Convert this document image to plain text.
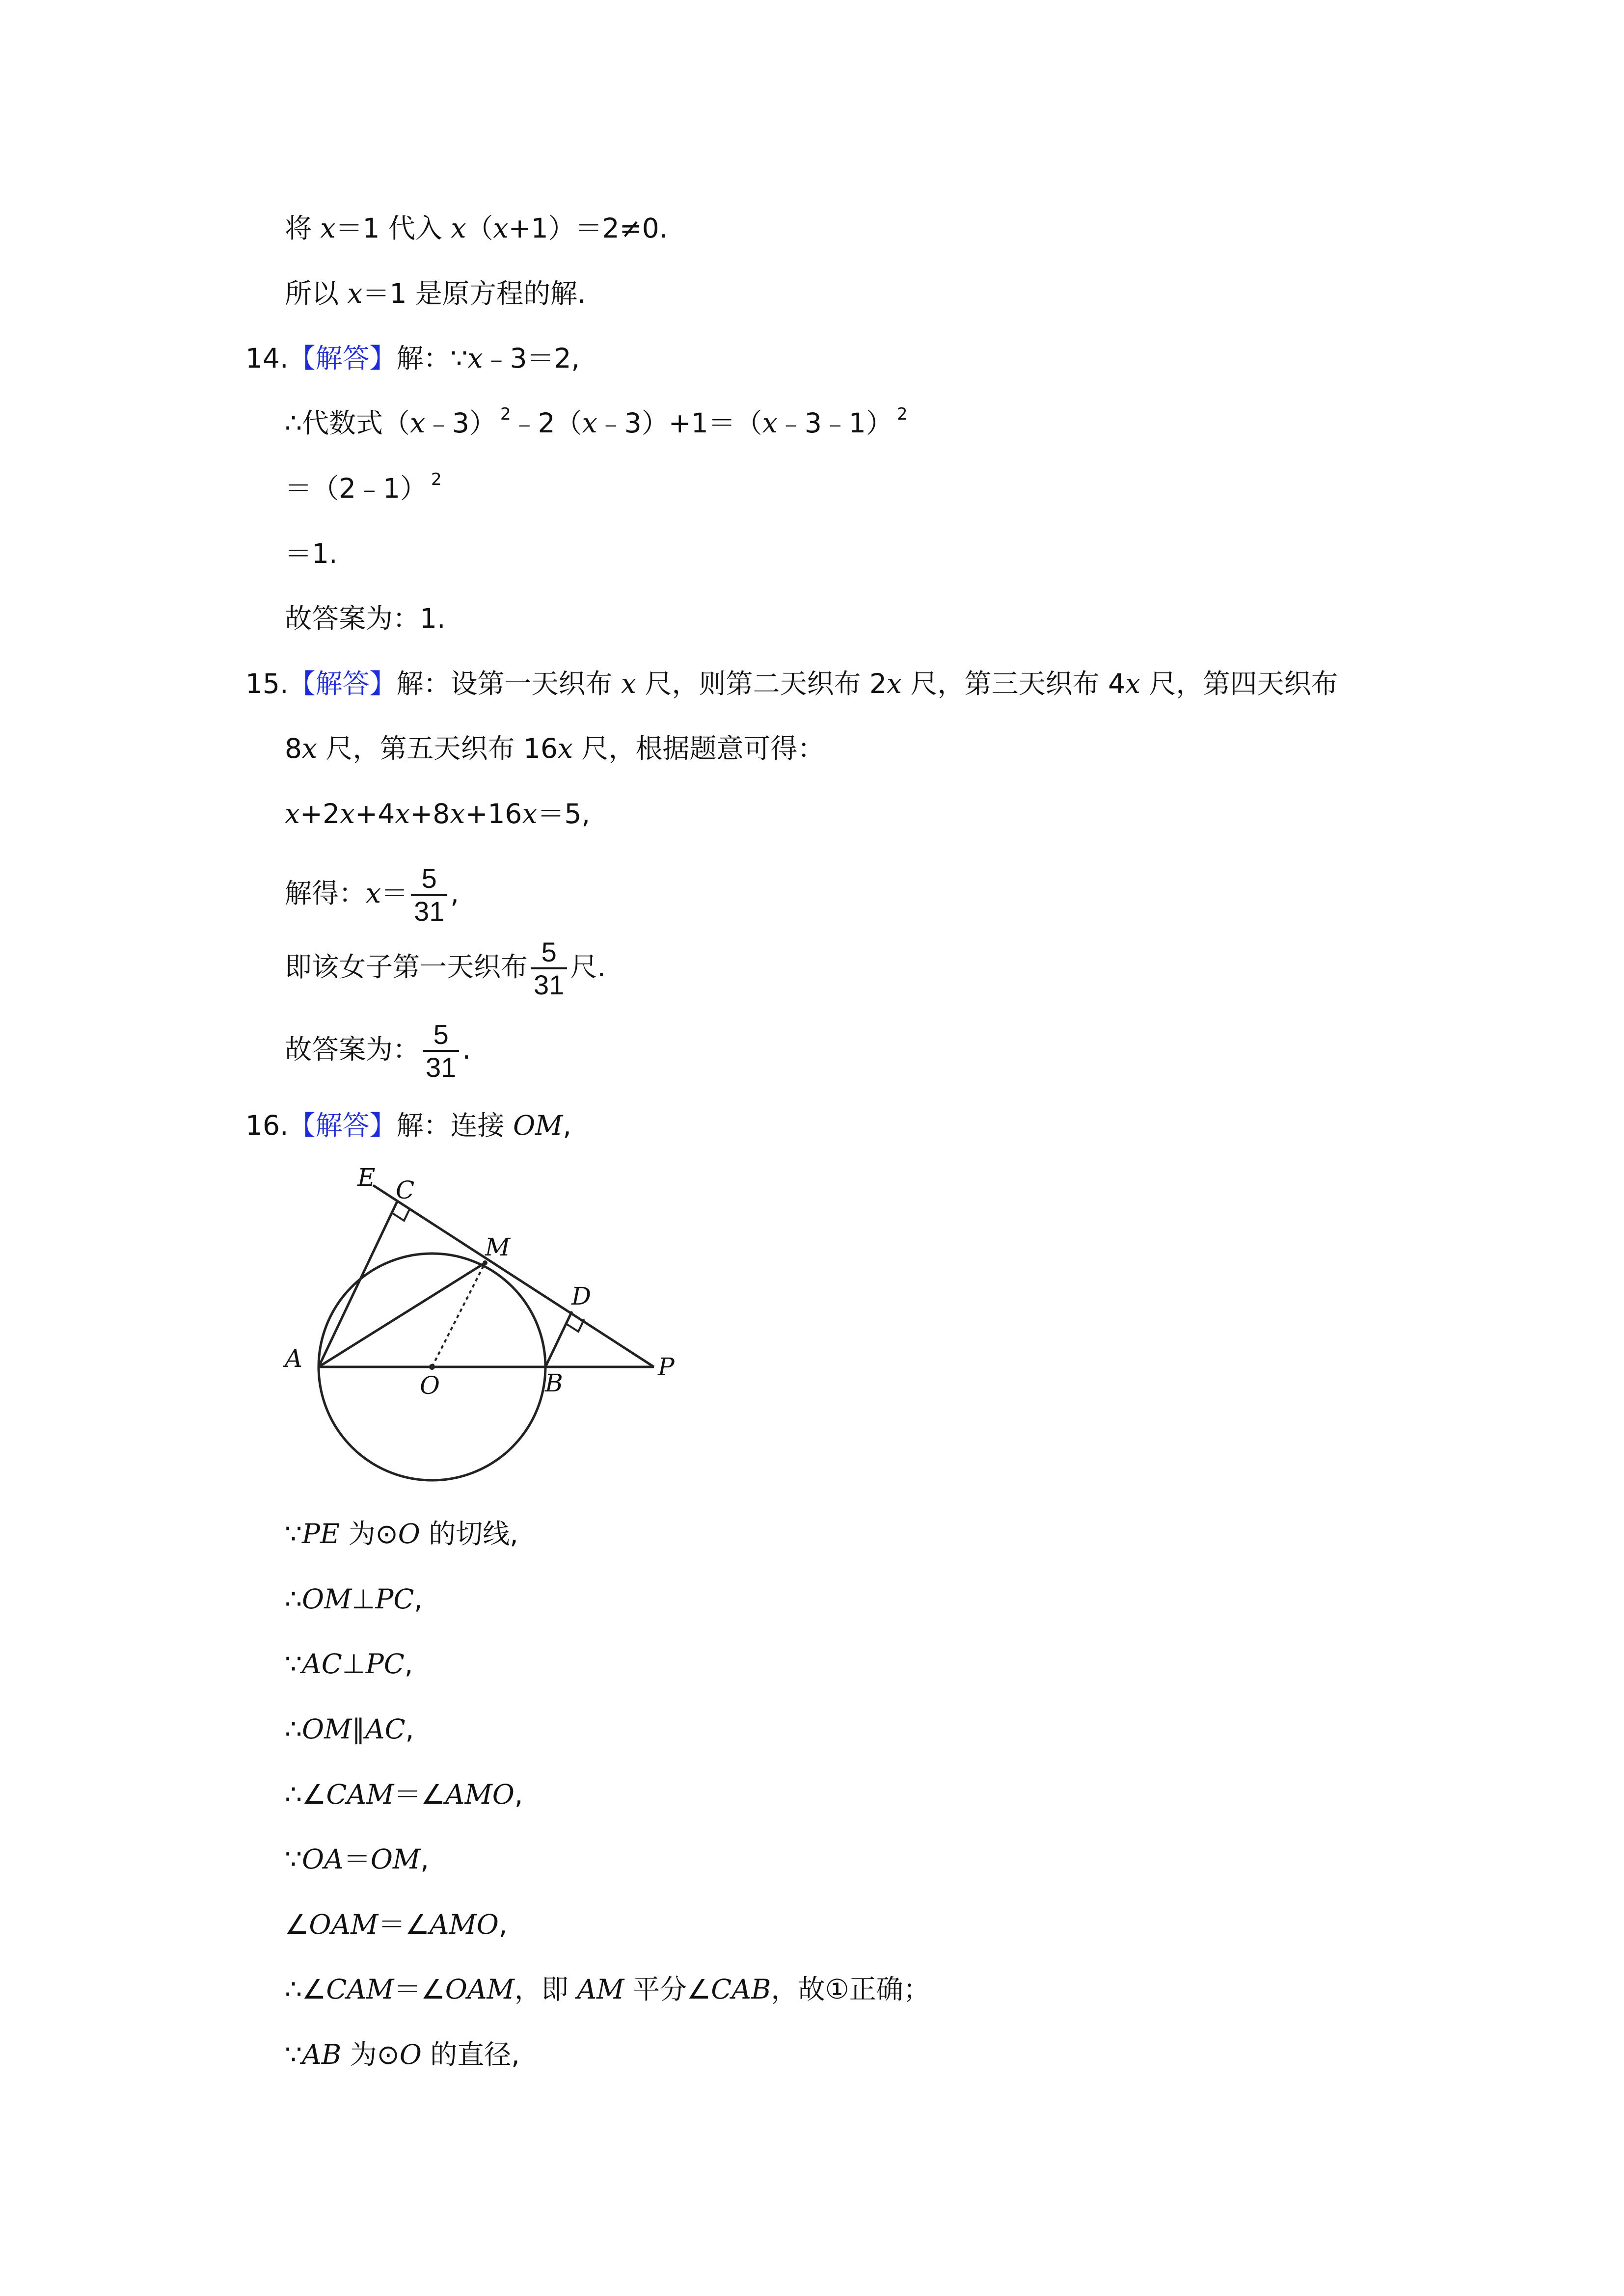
将 x＝1 代入 x（x+1）＝2≠0.
所以 x＝1 是原方程的解.
14.【解答】解：∵x﹣3＝2,
∴代数式（x﹣3） $^2$﹣2（x﹣3）+1＝（x﹣3﹣1） $^2$
＝（2﹣1） $^2$
＝1.
故答案为：1.
15.【解答】解：设第一天织布 x 尺，则第二天织布 2x 尺，第三天织布 4x 尺，第四天织布
8x 尺，第五天织布 16x 尺，根据题意可得：
x+2x+4x+8x+16x＝5,
解得：$x= \frac{5}{31}$ ,
即该女子第一天织布 $\frac{5}{31}$ 尺.
故答案为： $\frac{5}{31}$ .
16.【解答】解：连接 OM,
E C
M
D
A
O	B
P
∵PE 为⊙O 的切线,
∴OM⊥PC,
∵AC⊥PC,
∴OM∥AC,
∴∠CAM＝∠AMO,
∵OA＝OM,
∠OAM＝∠AMO,
∴∠CAM＝∠OAM，即 AM 平分∠CAB，故①正确；
∵AB 为⊙O 的直径,
